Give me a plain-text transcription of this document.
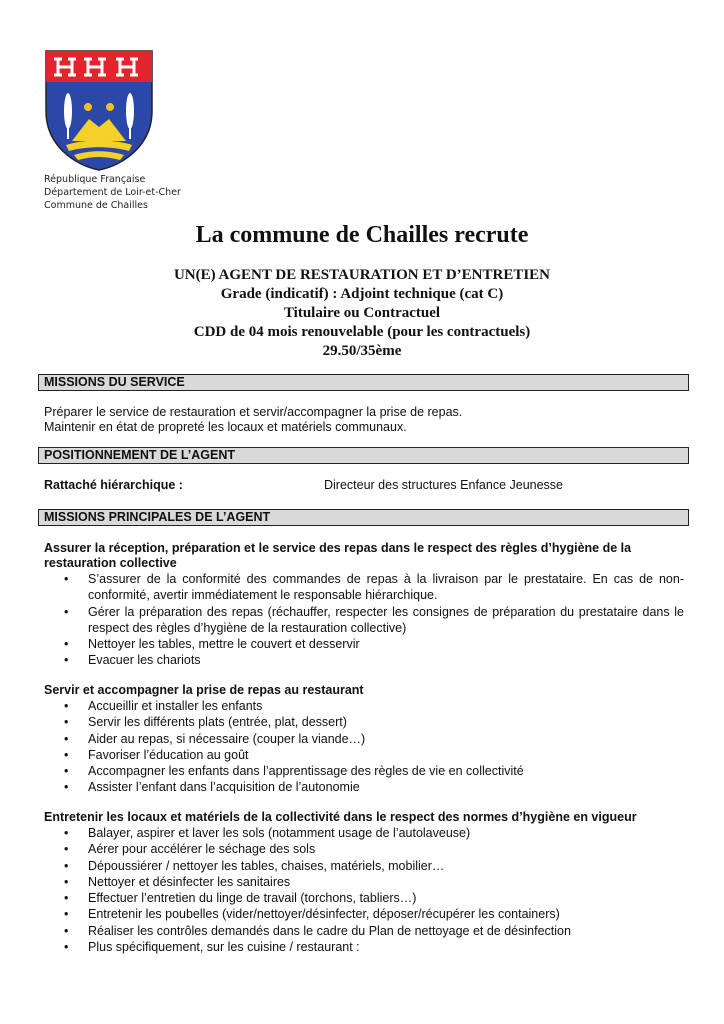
République Française
Département de Loir-et-Cher
Commune de Chailles
La commune de Chailles recrute
UN(E) AGENT DE RESTAURATION ET D’ENTRETIEN
Grade (indicatif) : Adjoint technique (cat C)
Titulaire ou Contractuel
CDD de 04 mois renouvelable (pour les contractuels)
29.50/35ème
MISSIONS DU SERVICE
Préparer le service de restauration et servir/accompagner la prise de repas.
Maintenir en état de propreté les locaux et matériels communaux.
POSITIONNEMENT DE L’AGENT
Rattaché hiérarchique :	Directeur des structures Enfance Jeunesse
MISSIONS PRINCIPALES DE L’AGENT
Assurer la réception, préparation et le service des repas dans le respect des règles d’hygiène de la restauration collective
• S’assurer de la conformité des commandes de repas à la livraison par le prestataire. En cas de non-conformité, avertir immédiatement le responsable hiérarchique.
• Gérer la préparation des repas (réchauffer, respecter les consignes de préparation du prestataire dans le respect des règles d’hygiène de la restauration collective)
• Nettoyer les tables, mettre le couvert et desservir
• Evacuer les chariots
Servir et accompagner la prise de repas au restaurant
• Accueillir et installer les enfants
• Servir les différents plats (entrée, plat, dessert)
• Aider au repas, si nécessaire (couper la viande…)
• Favoriser l’éducation au goût
• Accompagner les enfants dans l’apprentissage des règles de vie en collectivité
• Assister l’enfant dans l’acquisition de l’autonomie
Entretenir les locaux et matériels de la collectivité dans le respect des normes d’hygiène en vigueur
• Balayer, aspirer et laver les sols (notamment usage de l’autolaveuse)
• Aérer pour accélérer le séchage des sols
• Dépoussiérer / nettoyer les tables, chaises, matériels, mobilier…
• Nettoyer et désinfecter les sanitaires
• Effectuer l’entretien du linge de travail (torchons, tabliers…)
• Entretenir les poubelles (vider/nettoyer/désinfecter, déposer/récupérer les containers)
• Réaliser les contrôles demandés dans le cadre du Plan de nettoyage et de désinfection
• Plus spécifiquement, sur les cuisine / restaurant :
